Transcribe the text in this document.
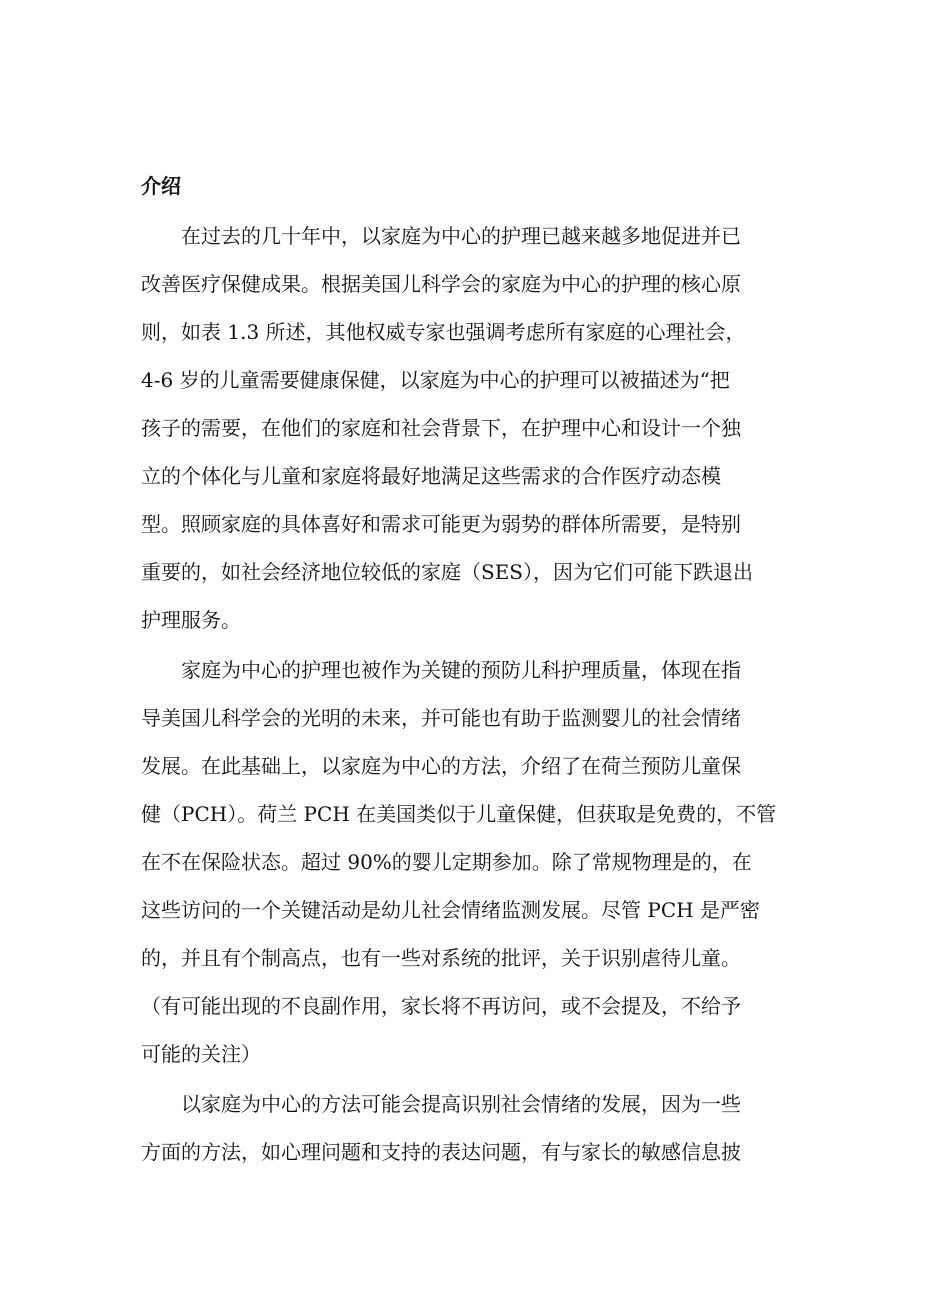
介绍

　　在过去的几十年中，以家庭为中心的护理已越来越多地促进并已

改善医疗保健成果。根据美国儿科学会的家庭为中心的护理的核心原

则，如表 1.3 所述，其他权威专家也强调考虑所有家庭的心理社会，

4-6 岁的儿童需要健康保健，以家庭为中心的护理可以被描述为“把

孩子的需要，在他们的家庭和社会背景下，在护理中心和设计一个独

立的个体化与儿童和家庭将最好地满足这些需求的合作医疗动态模

型。照顾家庭的具体喜好和需求可能更为弱势的群体所需要，是特别

重要的，如社会经济地位较低的家庭（SES），因为它们可能下跌退出

护理服务。

　　家庭为中心的护理也被作为关键的预防儿科护理质量，体现在指

导美国儿科学会的光明的未来，并可能也有助于监测婴儿的社会情绪

发展。在此基础上，以家庭为中心的方法，介绍了在荷兰预防儿童保

健（PCH）。荷兰 PCH 在美国类似于儿童保健，但获取是免费的，不管

在不在保险状态。超过 90%的婴儿定期参加。除了常规物理是的，在

这些访问的一个关键活动是幼儿社会情绪监测发展。尽管 PCH 是严密

的，并且有个制高点，也有一些对系统的批评，关于识别虐待儿童。

（有可能出现的不良副作用，家长将不再访问，或不会提及，不给予

可能的关注）

　　以家庭为中心的方法可能会提高识别社会情绪的发展，因为一些

方面的方法，如心理问题和支持的表达问题，有与家长的敏感信息披
